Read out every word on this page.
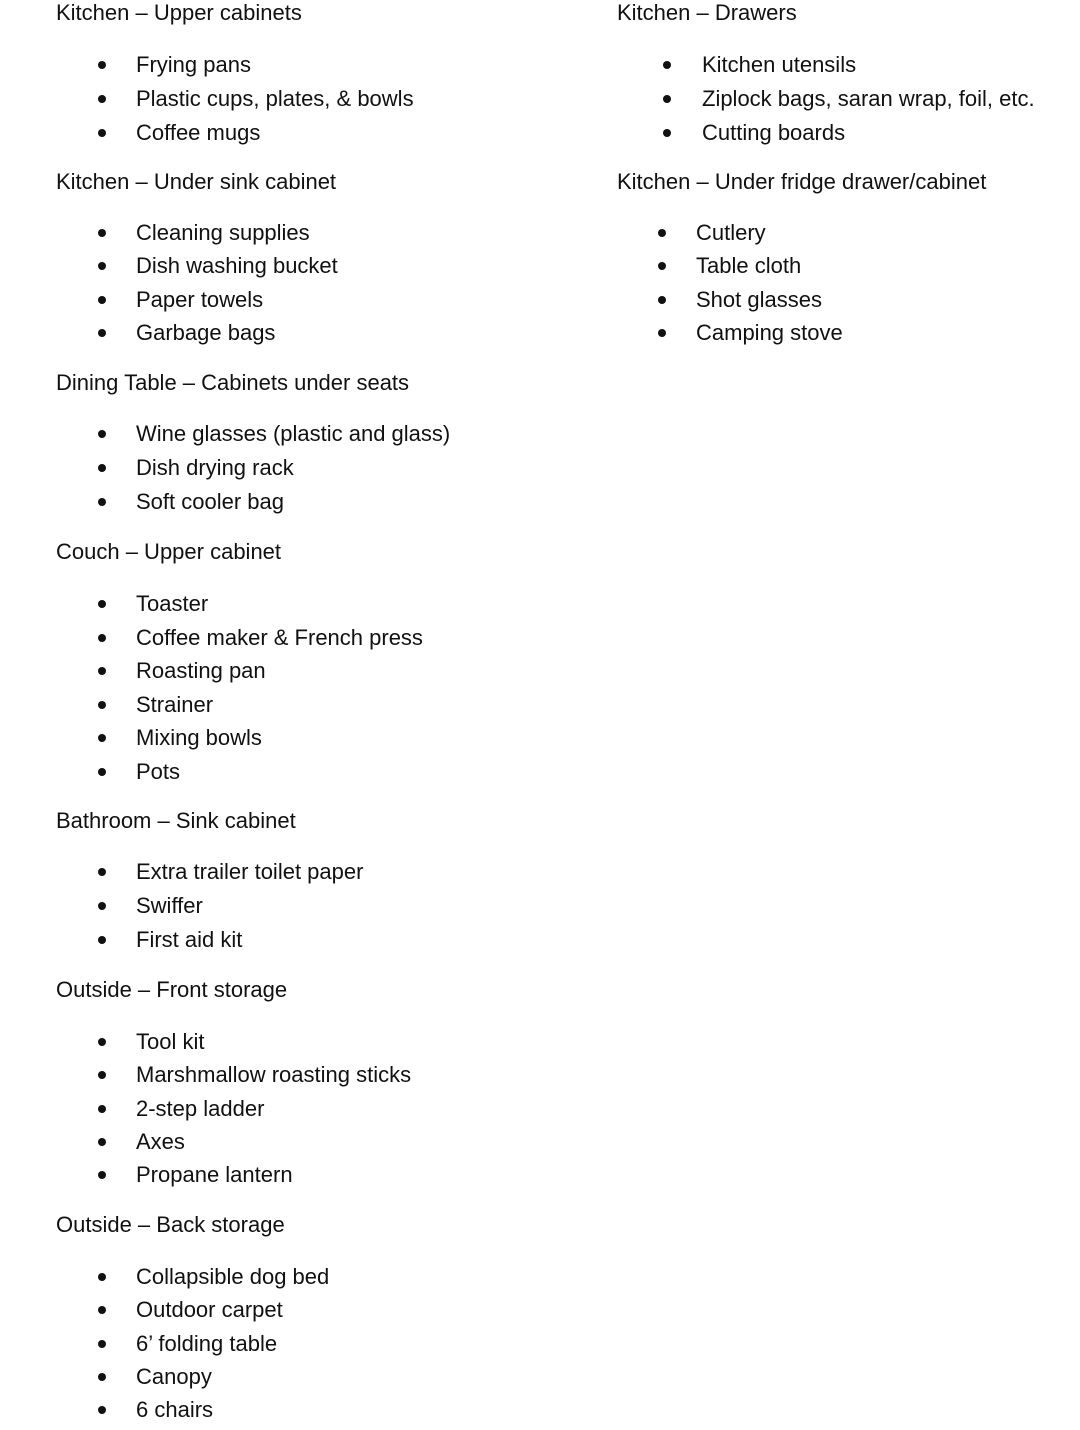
Kitchen – Upper cabinets
Frying pans
Plastic cups, plates, & bowls
Coffee mugs
Kitchen – Under sink cabinet
Cleaning supplies
Dish washing bucket
Paper towels
Garbage bags
Dining Table – Cabinets under seats
Wine glasses (plastic and glass)
Dish drying rack
Soft cooler bag
Couch – Upper cabinet
Toaster
Coffee maker & French press
Roasting pan
Strainer
Mixing bowls
Pots
Bathroom – Sink cabinet
Extra trailer toilet paper
Swiffer
First aid kit
Outside – Front storage
Tool kit
Marshmallow roasting sticks
2-step ladder
Axes
Propane lantern
Outside – Back storage
Collapsible dog bed
Outdoor carpet
6’ folding table
Canopy
6 chairs
Kitchen – Drawers
Kitchen utensils
Ziplock bags, saran wrap, foil, etc.
Cutting boards
Kitchen – Under fridge drawer/cabinet
Cutlery
Table cloth
Shot glasses
Camping stove
